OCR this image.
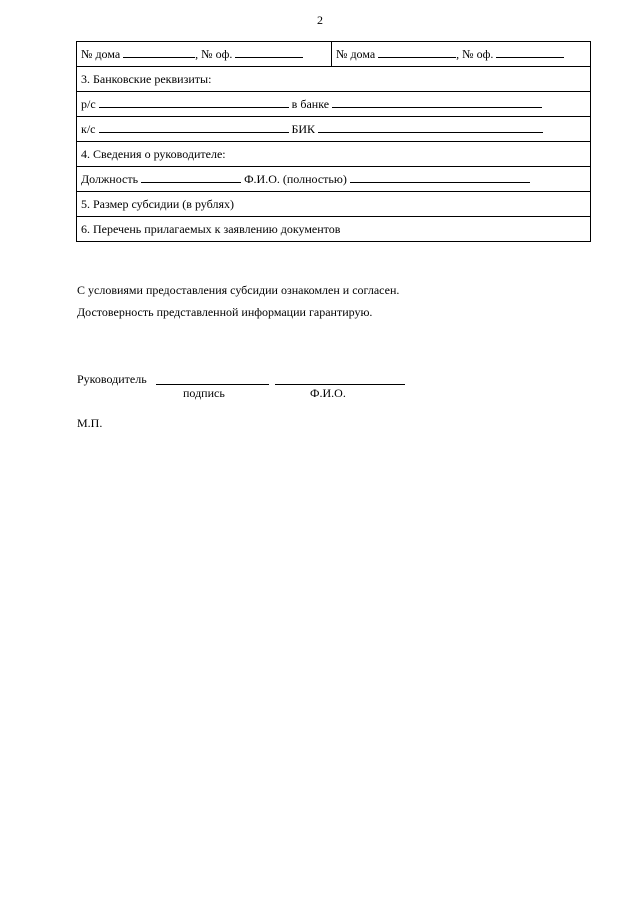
2
№ дома	, № оф.	№ дома	, № оф.
3. Банковские реквизиты:
р/с	в банке
к/с	БИК
4. Сведения о руководителе:
Должность	Ф.И.О. (полностью)
5. Размер субсидии (в рублях)
6. Перечень прилагаемых к заявлению документов
С условиями предоставления субсидии ознакомлен и согласен.
Достоверность представленной информации гарантирую.
Руководитель
подпись	Ф.И.О.
М.П.
